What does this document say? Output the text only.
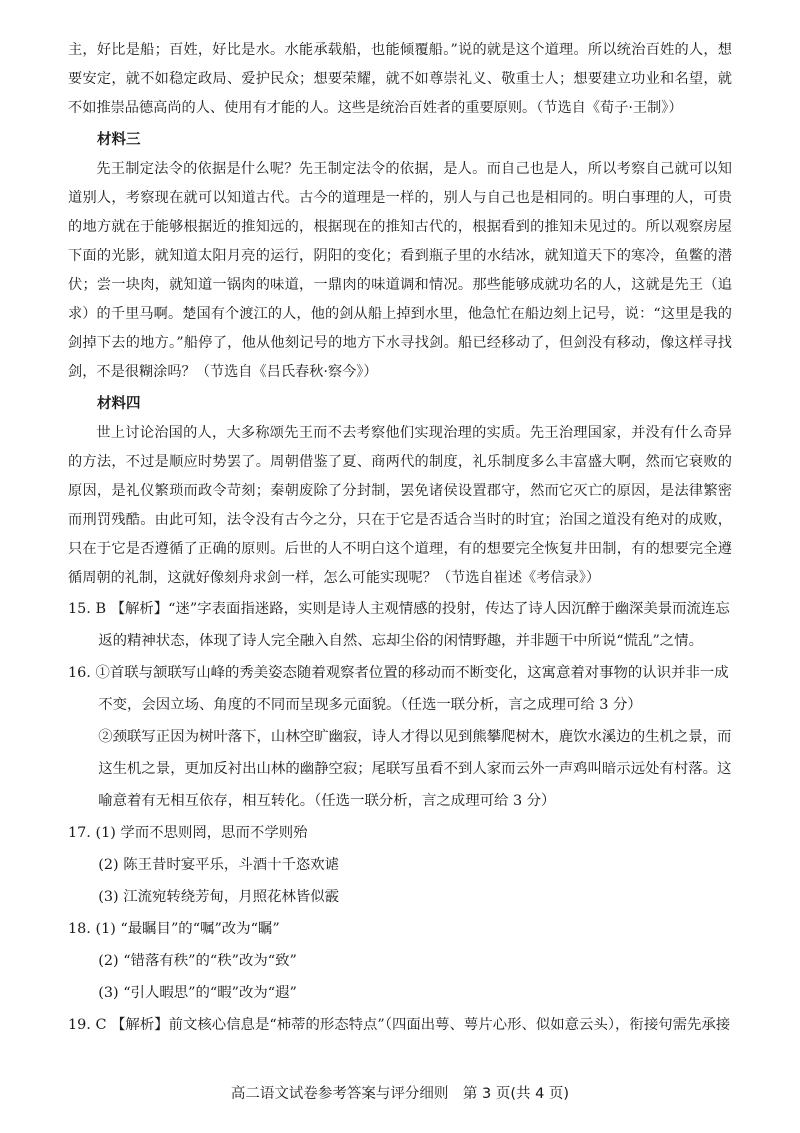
主，好比是船；百姓，好比是水。水能承载船，也能倾覆船。”说的就是这个道理。所以统治百姓的人，想要安定，就不如稳定政局、爱护民众；想要荣耀，就不如尊崇礼义、敬重士人；想要建立功业和名望，就不如推崇品德高尚的人、使用有才能的人。这些是统治百姓者的重要原则。（节选自《荀子·王制》）

材料三

先王制定法令的依据是什么呢？先王制定法令的依据，是人。而自己也是人，所以考察自己就可以知道别人，考察现在就可以知道古代。古今的道理是一样的，别人与自己也是相同的。明白事理的人，可贵的地方就在于能够根据近的推知远的，根据现在的推知古代的，根据看到的推知未见过的。所以观察房屋下面的光影，就知道太阳月亮的运行，阴阳的变化；看到瓶子里的水结冰，就知道天下的寒冷，鱼鳖的潜伏；尝一块肉，就知道一锅肉的味道，一鼎肉的味道调和情况。那些能够成就功名的人，这就是先王（追求）的千里马啊。楚国有个渡江的人，他的剑从船上掉到水里，他急忙在船边刻上记号，说：“这里是我的剑掉下去的地方。”船停了，他从他刻记号的地方下水寻找剑。船已经移动了，但剑没有移动，像这样寻找剑，不是很糊涂吗？（节选自《吕氏春秋·察今》）

材料四

世上讨论治国的人，大多称颂先王而不去考察他们实现治理的实质。先王治理国家，并没有什么奇异的方法，不过是顺应时势罢了。周朝借鉴了夏、商两代的制度，礼乐制度多么丰富盛大啊，然而它衰败的原因，是礼仪繁琐而政令苛刻；秦朝废除了分封制，罢免诸侯设置郡守，然而它灭亡的原因，是法律繁密而刑罚残酷。由此可知，法令没有古今之分，只在于它是否适合当时的时宜；治国之道没有绝对的成败，只在于它是否遵循了正确的原则。后世的人不明白这个道理，有的想要完全恢复井田制，有的想要完全遵循周朝的礼制，这就好像刻舟求剑一样，怎么可能实现呢？（节选自崔述《考信录》）

15. B 【解析】“迷”字表面指迷路，实则是诗人主观情感的投射，传达了诗人因沉醉于幽深美景而流连忘返的精神状态，体现了诗人完全融入自然、忘却尘俗的闲情野趣，并非题干中所说“慌乱”之情。

16. ①首联与颔联写山峰的秀美姿态随着观察者位置的移动而不断变化，这寓意着对事物的认识并非一成不变，会因立场、角度的不同而呈现多元面貌。（任选一联分析，言之成理可给 3 分）

②颈联写正因为树叶落下，山林空旷幽寂，诗人才得以见到熊攀爬树木，鹿饮水溪边的生机之景，而这生机之景，更加反衬出山林的幽静空寂；尾联写虽看不到人家而云外一声鸡叫暗示远处有村落。这喻意着有无相互依存，相互转化。（任选一联分析，言之成理可给 3 分）

17. (1) 学而不思则罔，思而不学则殆

(2) 陈王昔时宴平乐，斗酒十千恣欢谑

(3) 江流宛转绕芳甸，月照花林皆似霰

18. (1) “最瞩目”的“嘱”改为“瞩”

(2) “错落有秩”的“秩”改为“致”

(3) “引人暇思”的“暇”改为“遐”

19. C 【解析】前文核心信息是“柿蒂的形态特点”（四面出萼、萼片心形、似如意云头），衔接句需先承接

高二语文试卷参考答案与评分细则　第 3 页(共 4 页)
